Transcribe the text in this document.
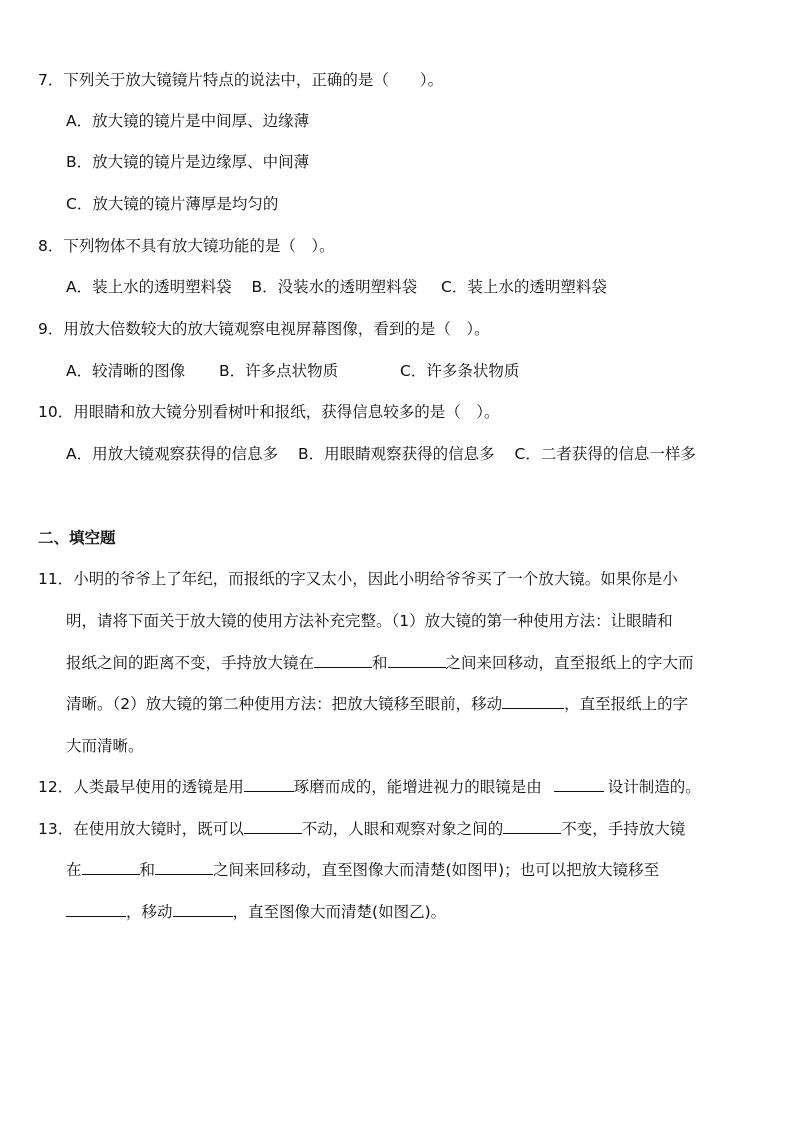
7．下列关于放大镜镜片特点的说法中，正确的是（　　）。
A．放大镜的镜片是中间厚、边缘薄
B．放大镜的镜片是边缘厚、中间薄
C．放大镜的镜片薄厚是均匀的
8．下列物体不具有放大镜功能的是（　）。
A．装上水的透明塑料袋 B．没装水的透明塑料袋 C．装上水的透明塑料袋
9．用放大倍数较大的放大镜观察电视屏幕图像，看到的是（　）。
A．较清晰的图像 B．许多点状物质	C．许多条状物质
10．用眼睛和放大镜分别看树叶和报纸，获得信息较多的是（　）。
A．用放大镜观察获得的信息多 B．用眼睛观察获得的信息多 C．二者获得的信息一样多
二、填空题
11．小明的爷爷上了年纪，而报纸的字又太小，因此小明给爷爷买了一个放大镜。如果你是小
明，请将下面关于放大镜的使用方法补充完整。（1）放大镜的第一种使用方法：让眼睛和
报纸之间的距离不变，手持放大镜在	和	之间来回移动，直至报纸上的字大而
清晰。（2）放大镜的第二种使用方法：把放大镜移至眼前，移动	，直至报纸上的字
大而清晰。
12．人类最早使用的透镜是用	琢磨而成的，能增进视力的眼镜是由	设计制造的。
13．在使用放大镜时，既可以	不动，人眼和观察对象之间的	不变，手持放大镜
在	和	之间来回移动，直至图像大而清楚(如图甲)；也可以把放大镜移至
，移动	，直至图像大而清楚(如图乙)。
